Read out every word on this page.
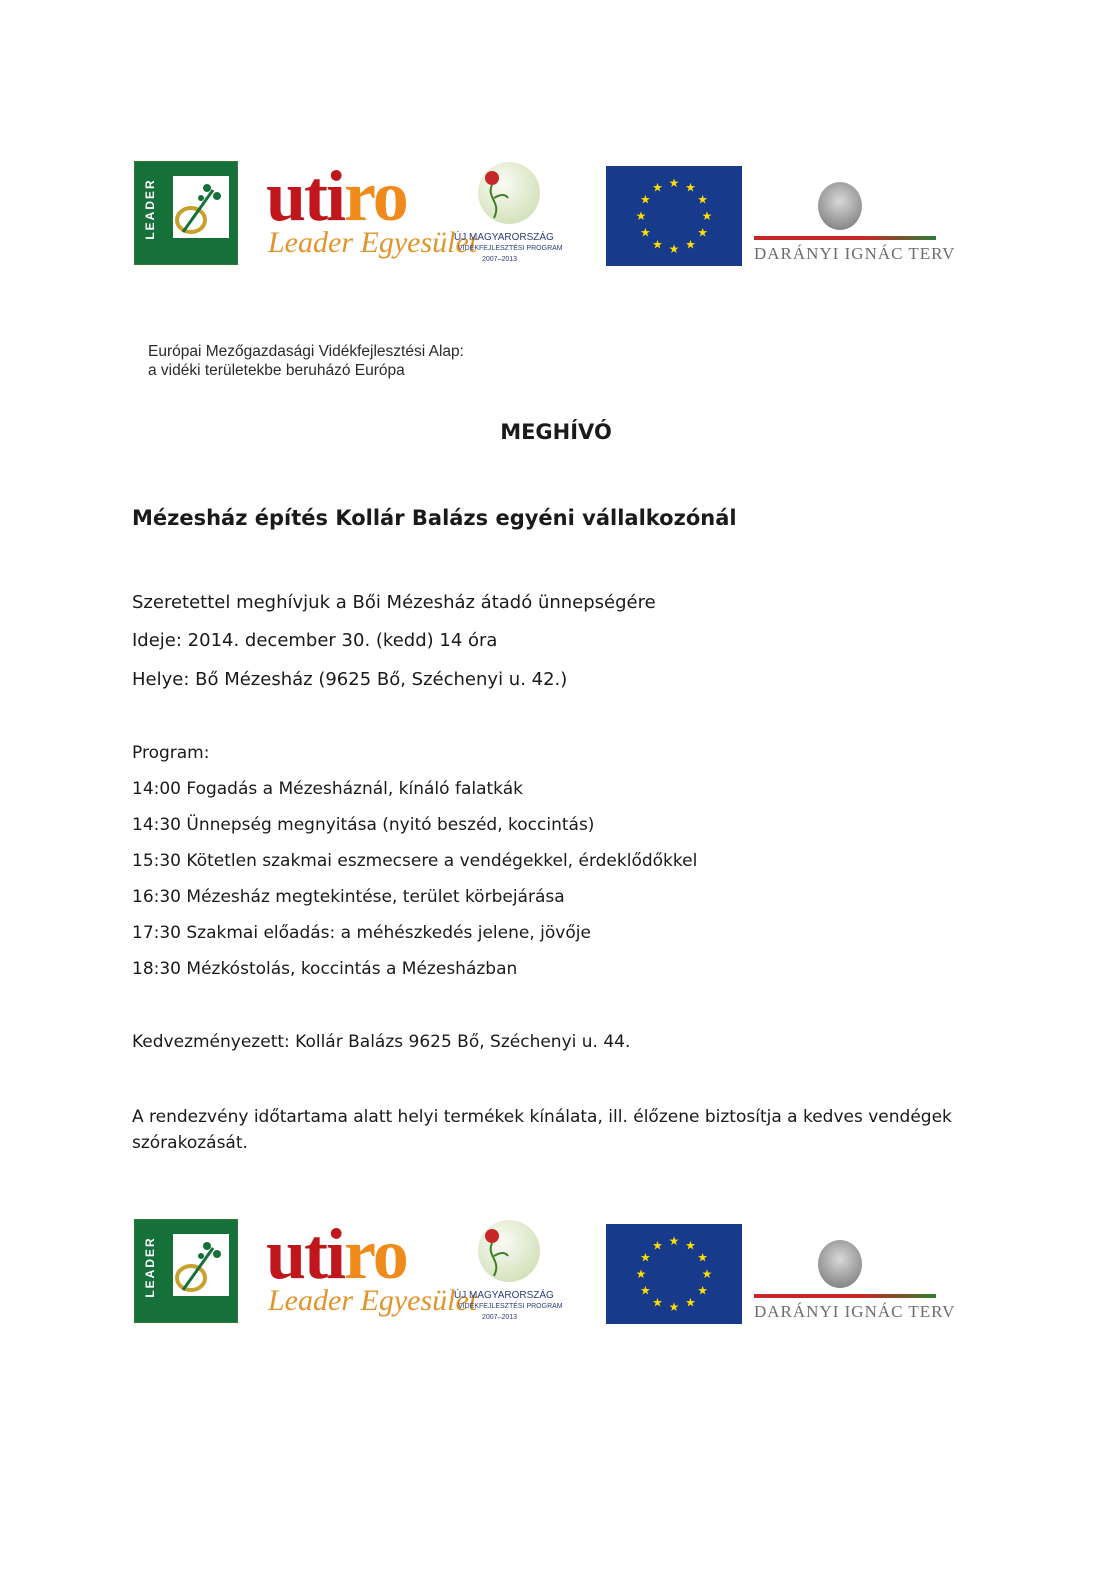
LEADER utiro
Leader Egyesület
ÚJ MAGYARORSZÁG
VIDÉKFEJLESZTÉSI PROGRAM
2007–2013
★ ★
★
★
★
★
★
★
★
★
★
★
DARÁNYI IGNÁC TERV
Európai Mezőgazdasági Vidékfejlesztési Alap:
a vidéki területekbe beruházó Európa
MEGHÍVÓ
Mézesház építés Kollár Balázs egyéni vállalkozónál
Szeretettel meghívjuk a Bői Mézesház átadó ünnepségére
Ideje: 2014. december 30. (kedd) 14 óra
Helye: Bő Mézesház (9625 Bő, Széchenyi u. 42.)
Program:
14:00 Fogadás a Mézesháznál, kínáló falatkák
14:30 Ünnepség megnyitása (nyitó beszéd, koccintás)
15:30 Kötetlen szakmai eszmecsere a vendégekkel, érdeklődőkkel
16:30 Mézesház megtekintése, terület körbejárása
17:30 Szakmai előadás: a méhészkedés jelene, jövője
18:30 Mézkóstolás, koccintás a Mézesházban
Kedvezményezett: Kollár Balázs 9625 Bő, Széchenyi u. 44.
A rendezvény időtartama alatt helyi termékek kínálata, ill. élőzene biztosítja a kedves vendégek szórakozását.
LEADER utiro
Leader Egyesület
ÚJ MAGYARORSZÁG
VIDÉKFEJLESZTÉSI PROGRAM
2007–2013
★ ★
★
★
★
★
★
★
★
★
★
★
DARÁNYI IGNÁC TERV
